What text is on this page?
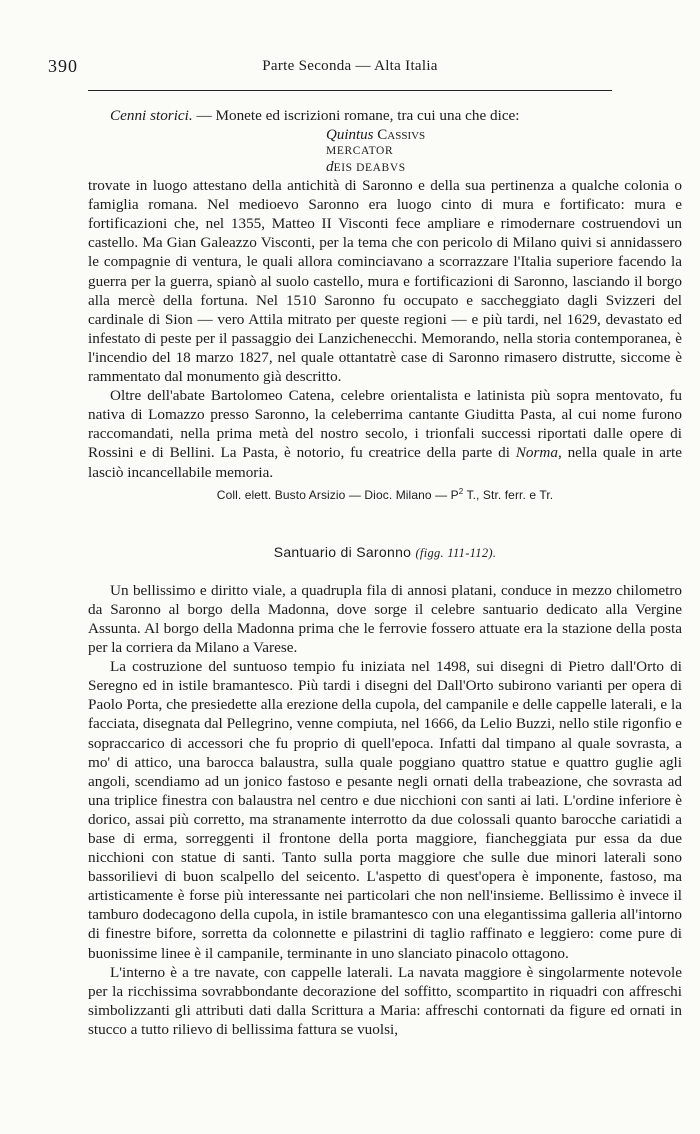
390	Parte Seconda — Alta Italia

Cenni storici. — Monete ed iscrizioni romane, tra cui una che dice:

Quintus Cassivs
MERCATOR
dEIS DEABVS

trovate in luogo attestano della antichità di Saronno e della sua pertinenza a qualche colonia o famiglia romana. Nel medioevo Saronno era luogo cinto di mura e fortificato: mura e fortificazioni che, nel 1355, Matteo II Visconti fece ampliare e rimodernare costruendovi un castello. Ma Gian Galeazzo Visconti, per la tema che con pericolo di Milano quivi si annidassero le compagnie di ventura, le quali allora cominciavano a scorrazzare l'Italia superiore facendo la guerra per la guerra, spianò al suolo castello, mura e fortificazioni di Saronno, lasciando il borgo alla mercè della fortuna. Nel 1510 Saronno fu occupato e saccheggiato dagli Svizzeri del cardinale di Sion — vero Attila mitrato per queste regioni — e più tardi, nel 1629, devastato ed infestato di peste per il passaggio dei Lanzichenecchi. Memorando, nella storia contemporanea, è l'incendio del 18 marzo 1827, nel quale ottantatrè case di Saronno rimasero distrutte, siccome è rammentato dal monumento già descritto.

Oltre dell'abate Bartolomeo Catena, celebre orientalista e latinista più sopra mentovato, fu nativa di Lomazzo presso Saronno, la celeberrima cantante Giuditta Pasta, al cui nome furono raccomandati, nella prima metà del nostro secolo, i trionfali successi riportati dalle opere di Rossini e di Bellini. La Pasta, è notorio, fu creatrice della parte di Norma, nella quale in arte lasciò incancellabile memoria.

Coll. elett. Busto Arsizio — Dioc. Milano — $P^2$ T., Str. ferr. e Tr.

Santuario di Saronno (figg. 111-112).

Un bellissimo e diritto viale, a quadrupla fila di annosi platani, conduce in mezzo chilometro da Saronno al borgo della Madonna, dove sorge il celebre santuario dedicato alla Vergine Assunta. Al borgo della Madonna prima che le ferrovie fossero attuate era la stazione della posta per la corriera da Milano a Varese.

La costruzione del suntuoso tempio fu iniziata nel 1498, sui disegni di Pietro dall'Orto di Seregno ed in istile bramantesco. Più tardi i disegni del Dall'Orto subirono varianti per opera di Paolo Porta, che presiedette alla erezione della cupola, del campanile e delle cappelle laterali, e la facciata, disegnata dal Pellegrino, venne compiuta, nel 1666, da Lelio Buzzi, nello stile rigonfio e sopraccarico di accessori che fu proprio di quell'epoca. Infatti dal timpano al quale sovrasta, a mo' di attico, una barocca balaustra, sulla quale poggiano quattro statue e quattro guglie agli angoli, scendiamo ad un jonico fastoso e pesante negli ornati della trabeazione, che sovrasta ad una triplice finestra con balaustra nel centro e due nicchioni con santi ai lati. L'ordine inferiore è dorico, assai più corretto, ma stranamente interrotto da due colossali quanto barocche cariatidi a base di erma, sorreggenti il frontone della porta maggiore, fiancheggiata pur essa da due nicchioni con statue di santi. Tanto sulla porta maggiore che sulle due minori laterali sono bassorilievi di buon scalpello del seicento. L'aspetto di quest'opera è imponente, fastoso, ma artisticamente è forse più interessante nei particolari che non nell'insieme. Bellissimo è invece il tamburo dodecagono della cupola, in istile bramantesco con una elegantissima galleria all'intorno di finestre bifore, sorretta da colonnette e pilastrini di taglio raffinato e leggiero: come pure di buonissime linee è il campanile, terminante in uno slanciato pinacolo ottagono.

L'interno è a tre navate, con cappelle laterali. La navata maggiore è singolarmente notevole per la ricchissima sovrabbondante decorazione del soffitto, scompartito in riquadri con affreschi simbolizzanti gli attributi dati dalla Scrittura a Maria: affreschi contornati da figure ed ornati in stucco a tutto rilievo di bellissima fattura se vuolsi,
